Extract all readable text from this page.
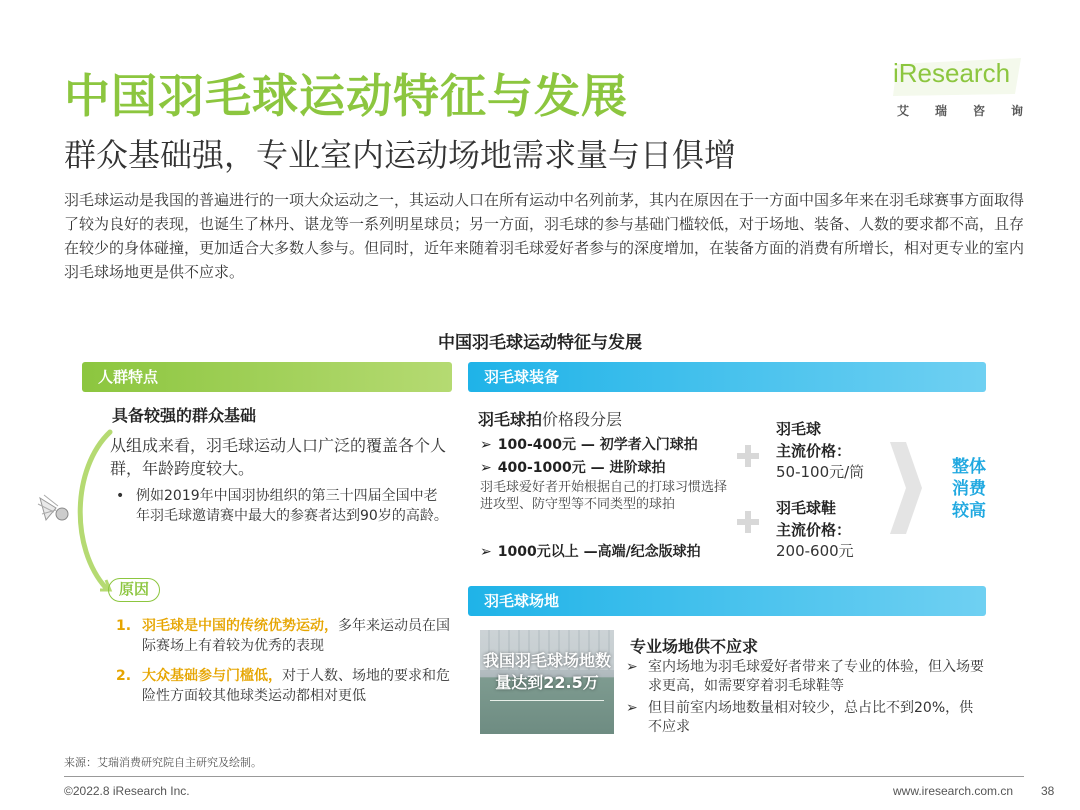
中国羽毛球运动特征与发展
群众基础强，专业室内运动场地需求量与日俱增
iResearch
艾 瑞 咨 询
羽毛球运动是我国的普遍进行的一项大众运动之一，其运动人口在所有运动中名列前茅，其内在原因在于一方面中国多年来在羽毛球赛事方面取得了较为良好的表现，也诞生了林丹、谌龙等一系列明星球员；另一方面，羽毛球的参与基础门槛较低，对于场地、装备、人数的要求都不高，且存在较少的身体碰撞，更加适合大多数人参与。但同时，近年来随着羽毛球爱好者参与的深度增加，在装备方面的消费有所增长，相对更专业的室内羽毛球场地更是供不应求。
中国羽毛球运动特征与发展
人群特点
具备较强的群众基础
从组成来看，羽毛球运动人口广泛的覆盖各个人群，年龄跨度较大。
• 例如2019年中国羽协组织的第三十四届全国中老年羽毛球邀请赛中最大的参赛者达到90岁的高龄。
原因
1. 羽毛球是中国的传统优势运动，多年来运动员在国际赛场上有着较为优秀的表现
2. 大众基础参与门槛低，对于人数、场地的要求和危险性方面较其他球类运动都相对更低
羽毛球装备
羽毛球拍价格段分层
➢ 100-400元 — 初学者入门球拍
➢ 400-1000元 — 进阶球拍
羽毛球爱好者开始根据自己的打球习惯选择进攻型、防守型等不同类型的球拍
➢ 1000元以上 —高端/纪念版球拍
羽毛球
主流价格：
50-100元/筒
羽毛球鞋
主流价格：
200-600元
整体消费较高
羽毛球场地
我国羽毛球场地数量达到22.5万
专业场地供不应求
➢ 室内场地为羽毛球爱好者带来了专业的体验，但入场要求更高，如需要穿着羽毛球鞋等
➢ 但目前室内场地数量相对较少，总占比不到20%，供不应求
来源：艾瑞消费研究院自主研究及绘制。
©2022.8 iResearch Inc.	www.iresearch.com.cn 38
